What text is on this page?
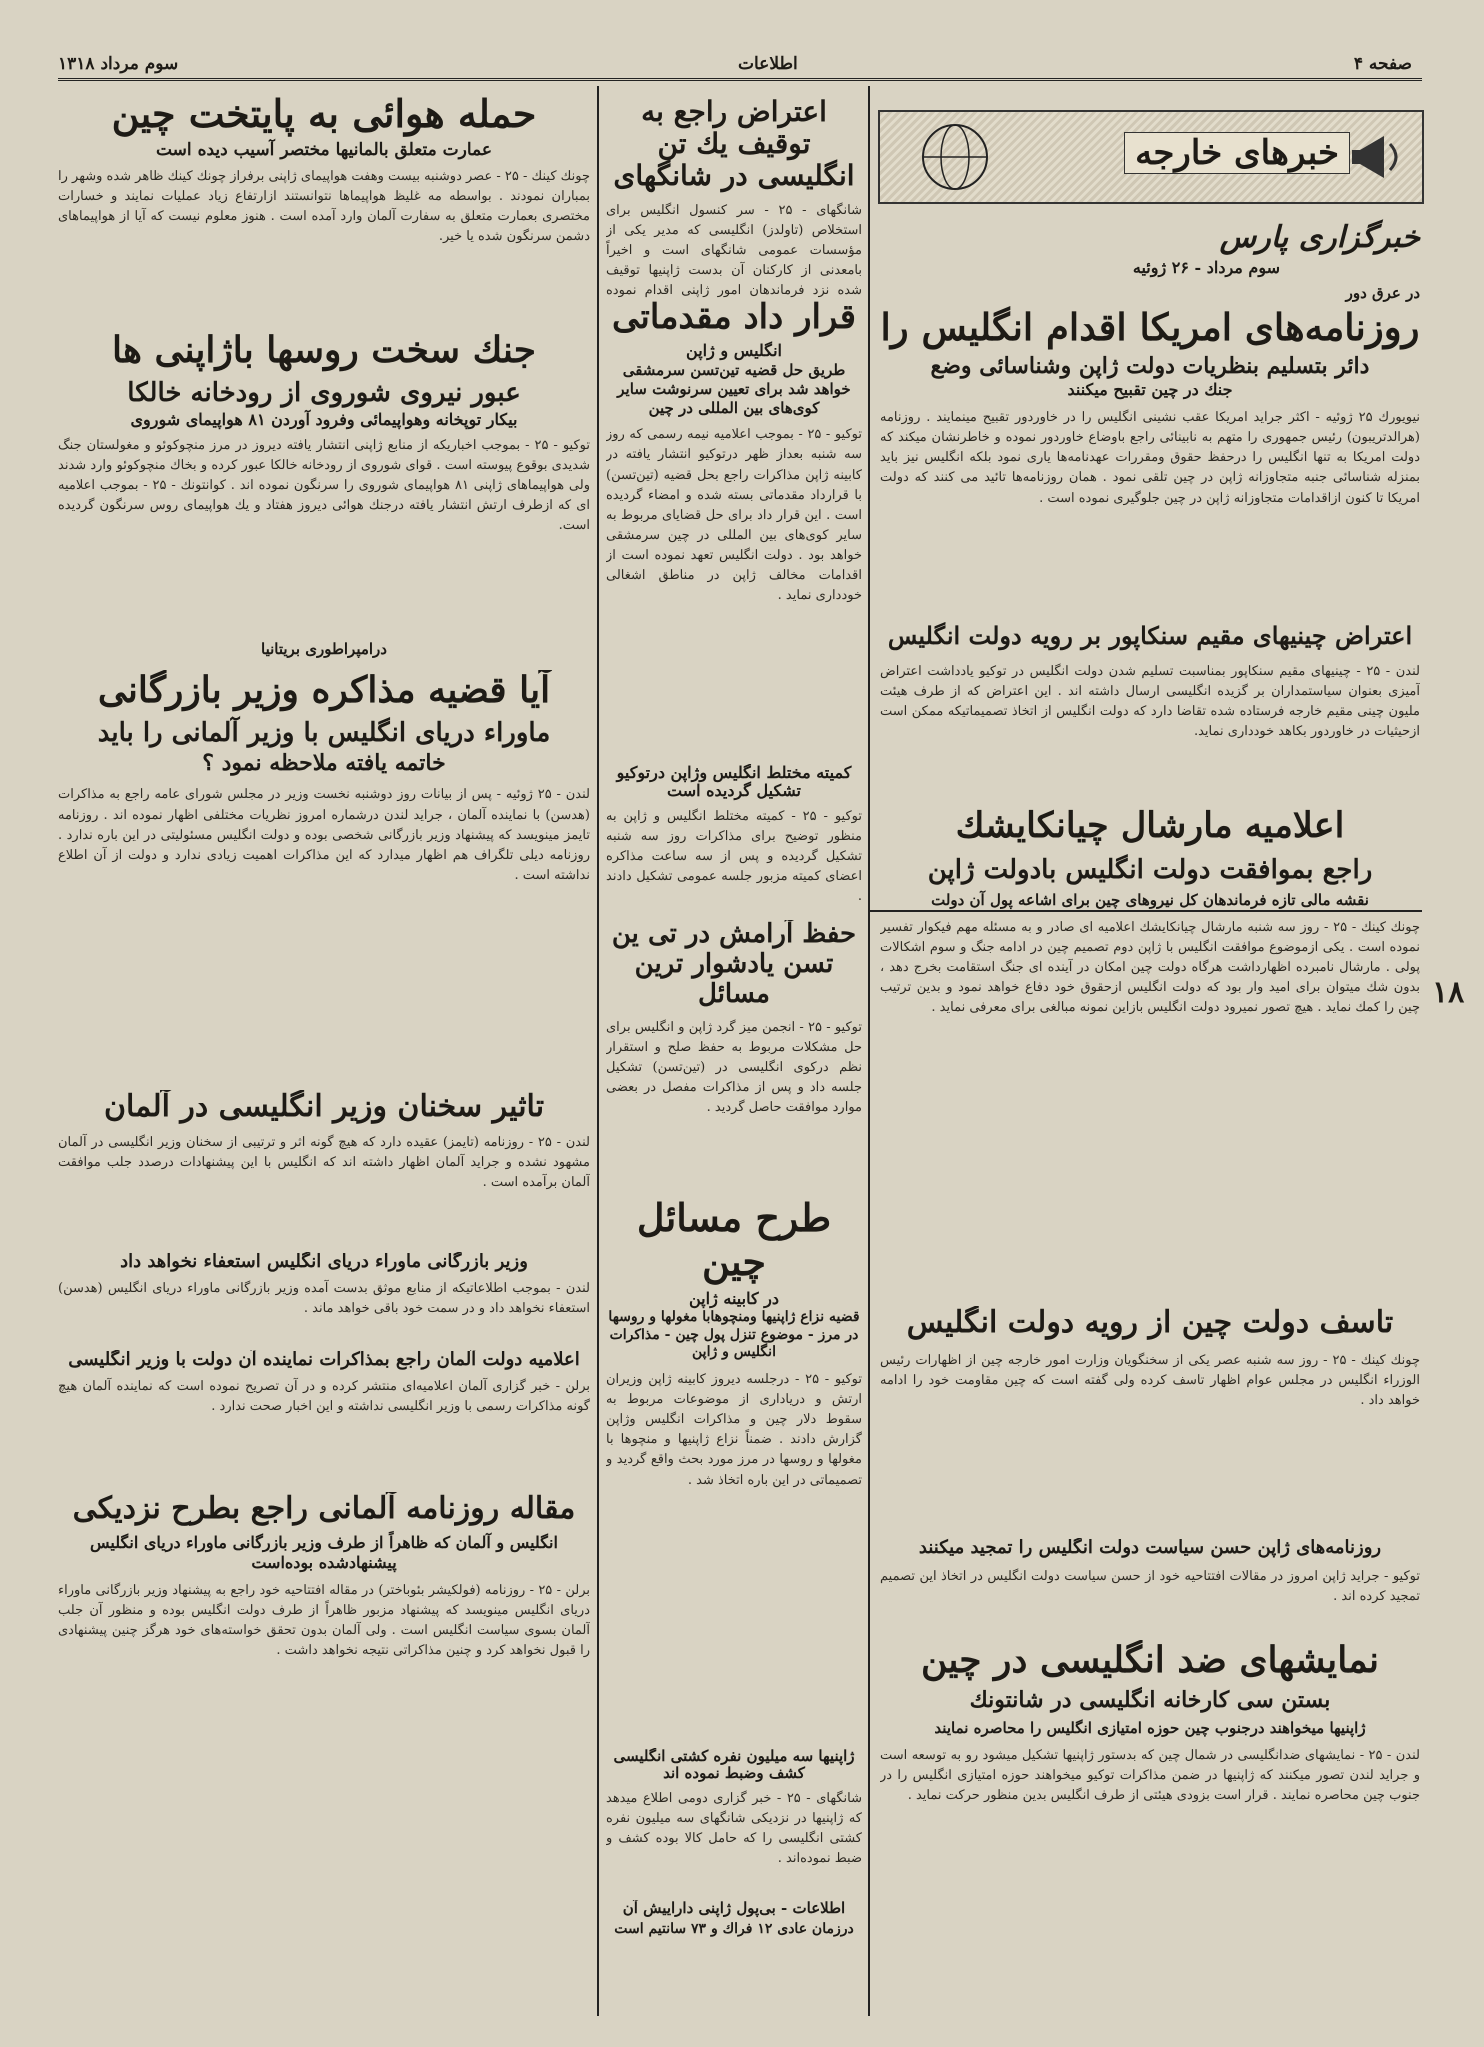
صفحه ۴
اطلاعات
سوم مرداد ۱۳۱۸
خبرهای خارجه
خبرگزاری پارس
سوم مرداد - ۲۶ ژوئیه
در عرق دور
روزنامه‌های امریکا اقدام انگلیس را
دائر بتسلیم بنظریات دولت ژاپن وشناسائی وضع
جنك در چین تقبیح میکنند
نیویورك ۲۵ ژوئیه - اکثر جراید امریکا عقب نشینی انگلیس را در خاوردور تقبیح مینمایند . روزنامه (هرالدتریبون) رئیس جمهوری را متهم به نابینائی راجع باوضاع خاوردور نموده و خاطرنشان میکند که دولت امریکا به تنها انگلیس را درحفظ حقوق ومقررات عهدنامه‌ها یاری نمود بلکه انگلیس نیز باید بمنزله شناسائی جنبه متجاوزانه ژاپن در چین تلقی نمود . همان روزنامه‌ها تائید می کنند که دولت امریکا تا کنون ازاقدامات متجاوزانه ژاپن در چین جلوگیری نموده است .
اعتراض چینیهای مقیم سنکاپور بر رویه دولت انگلیس
لندن - ۲۵ - چینیهای مقیم سنکاپور بمناسبت تسلیم شدن دولت انگلیس در توکیو یادداشت اعتراض آمیزی بعنوان سیاستمداران بر گزیده انگلیسی ارسال داشته اند . این اعتراض که از طرف هیئت ملیون چینی مقیم خارجه فرستاده شده تقاضا دارد که دولت انگلیس از اتخاذ تصمیماتیکه ممکن است ازحیثیات در خاوردور بکاهد خودداری نماید.
اعلامیه مارشال چیانکایشك
راجع بموافقت دولت انگلیس بادولت ژاپن
نقشه مالی تازه فرماندهان کل نیروهای چین برای اشاعه پول آن دولت
چونك كينك - ۲۵ - روز سه شنبه مارشال چیانکایشك اعلامیه ای صادر و به مسئله مهم فیکوار تفسیر نموده است . یکی ازموضوع موافقت انگلیس با ژاپن دوم تصمیم چین در ادامه جنگ و سوم اشکالات پولی . مارشال نامبرده اظهارداشت هرگاه دولت چین امکان در آینده ای جنگ استقامت بخرج دهد ، بدون شك میتوان برای امید وار بود که دولت انگلیس ازحقوق خود دفاع خواهد نمود و بدین ترتیب چین را کمك نماید . هیچ تصور نمیرود دولت انگلیس بازاین نمونه مبالغی برای معرفی نماید .
تاسف دولت چین از رویه دولت انگلیس
چونك كينك - ۲۵ - روز سه شنبه عصر یکی از سخنگویان وزارت امور خارجه چین از اظهارات رئیس الوزراء انگلیس در مجلس عوام اظهار تاسف کرده ولی گفته است که چین مقاومت خود را ادامه خواهد داد .
روزنامه‌های ژاپن حسن سیاست دولت انگلیس را تمجید میکنند
توکیو - جراید ژاپن امروز در مقالات افتتاحیه خود از حسن سیاست دولت انگلیس در اتخاذ این تصمیم تمجید کرده اند .
نمایشهای ضد انگلیسی در چین
بستن سی کارخانه انگلیسی در شانتونك
ژاپنیها میخواهند درجنوب چین حوزه امتیازی انگلیس را محاصره نمایند
لندن - ۲۵ - نمایشهای ضدانگلیسی در شمال چین که بدستور ژاپنیها تشکیل میشود رو به توسعه است و جراید لندن تصور میکنند که ژاپنیها در ضمن مذاکرات توکیو میخواهند حوزه امتیازی انگلیس را در جنوب چین محاصره نمایند . قرار است بزودی هیئتی از طرف انگلیس بدین منظور حرکت نماید .
۱۸
اعتراض راجع به توقیف یك تن انگلیسی در شانگهای
شانگهای - ۲۵ - سر کنسول انگلیس برای استخلاص (تاولدز) انگلیسی که مدیر یکی از مؤسسات عمومی شانگهای است و اخیراً بامعدنی از کارکنان آن بدست ژاپنیها توقیف شده نزد فرماندهان امور ژاپنی اقدام نموده
قرار داد مقدماتی
انگلیس و ژاپن
طریق حل قضیه تین‌تسن سرمشقی خواهد شد برای تعیین سرنوشت سایر کوی‌های بین المللی در چین
توکیو - ۲۵ - بموجب اعلامیه نیمه رسمی که روز سه شنبه بعداز ظهر درتوکیو انتشار یافته در کابینه ژاپن مذاکرات راجع بحل قضیه (تین‌تسن) با قرارداد مقدماتی بسته شده و امضاء گردیده است . این قرار داد برای حل قضایای مربوط به سایر کوی‌های بین المللی در چین سرمشقی خواهد بود . دولت انگلیس تعهد نموده است از اقدامات مخالف ژاپن در مناطق اشغالی خودداری نماید .
کمیته مختلط انگلیس وژاپن درتوکیو تشکیل گردیده است
توکیو - ۲۵ - کمیته مختلط انگلیس و ژاپن به منظور توضیح برای مذاکرات روز سه شنبه تشکیل گردیده و پس از سه ساعت مذاکره اعضای کمیته مزبور جلسه عمومی تشکیل دادند .
حفظ آرامش در تی ین تسن یادشوار ترین مسائل
توکیو - ۲۵ - انجمن میز گرد ژاپن و انگلیس برای حل مشکلات مربوط به حفظ صلح و استقرار نظم درکوی انگلیسی در (تین‌تسن) تشکیل جلسه داد و پس از مذاکرات مفصل در بعضی موارد موافقت حاصل گردید .
طرح مسائل چین
در کابینه ژاپن
قضیه نزاع ژاپنیها ومنچوهابا مغولها و روسها در مرز - موضوع تنزل پول چین - مذاکرات انگلیس و ژاپن
توکیو - ۲۵ - درجلسه دیروز کابینه ژاپن وزیران ارتش و دریاداری از موضوعات مربوط به سقوط دلار چین و مذاکرات انگلیس وژاپن گزارش دادند . ضمناً نزاع ژاپنیها و منچوها با مغولها و روسها در مرز مورد بحث واقع گردید و تصمیماتی در این باره اتخاذ شد .
ژاپنیها سه میلیون نفره کشتی انگلیسی کشف وضبط نموده اند
شانگهای - ۲۵ - خبر گزاری دومی اطلاع میدهد که ژاپنیها در نزدیکی شانگهای سه میلیون نفره کشتی انگلیسی را که حامل کالا بوده کشف و ضبط نموده‌اند .
اطلاعات - بی‌پول ژاپنی داراییش آن
درزمان عادی ۱۲ فراك و ۷۳ سانتیم است
حمله هوائی به پایتخت چین
عمارت متعلق بالمانیها مختصر آسیب دیده است
چونك كينك - ۲۵ - عصر دوشنبه بیست وهفت هواپیمای ژاپنی برفراز چونك كينك ظاهر شده وشهر را بمباران نمودند . بواسطه مه غلیظ هواپیماها نتوانستند ازارتفاع زیاد عملیات نمایند و خسارات مختصری بعمارت متعلق به سفارت آلمان وارد آمده است . هنوز معلوم نیست که آیا از هواپیماهای دشمن سرنگون شده یا خیر.
جنك سخت روسها باژاپنی ها
عبور نیروی شوروی از رودخانه خالکا
بیکار توپخانه وهواپیمائی وفرود آوردن ۸۱ هواپیمای شوروی
توکیو - ۲۵ - بموجب اخباریکه از منابع ژاپنی انتشار یافته دیروز در مرز منچوکوئو و مغولستان جنگ شدیدی بوقوع پیوسته است . قوای شوروی از رودخانه خالکا عبور کرده و بخاك منچوکوئو وارد شدند ولی هواپیماهای ژاپنی ۸۱ هواپیمای شوروی را سرنگون نموده اند . کوانتونك - ۲۵ - بموجب اعلامیه ای که ازطرف ارتش انتشار یافته درجنك هوائی دیروز هفتاد و یك هواپیمای روس سرنگون گردیده است.
درامپراطوری بریتانیا
آیا قضیه مذاکره وزیر بازرگانی
ماوراء دریای انگلیس با وزیر آلمانی را باید
خاتمه یافته ملاحظه نمود ؟
لندن - ۲۵ ژوئیه - پس از بیانات روز دوشنبه نخست وزیر در مجلس شورای عامه راجع به مذاکرات (هدسن) با نماینده آلمان ، جراید لندن درشماره امروز نظریات مختلفی اظهار نموده اند . روزنامه تایمز مینویسد که پیشنهاد وزیر بازرگانی شخصی بوده و دولت انگلیس مسئولیتی در این باره ندارد . روزنامه دیلی تلگراف هم اظهار میدارد که این مذاکرات اهمیت زیادی ندارد و دولت از آن اطلاع نداشته است .
تاثیر سخنان وزیر انگلیسی در آلمان
لندن - ۲۵ - روزنامه (تایمز) عقیده دارد که هیچ گونه اثر و ترتیبی از سخنان وزیر انگلیسی در آلمان مشهود نشده و جراید آلمان اظهار داشته اند که انگلیس با این پیشنهادات درصدد جلب موافقت آلمان برآمده است .
وزیر بازرگانی ماوراء دریای انگلیس استعفاء نخواهد داد
لندن - بموجب اطلاعاتیکه از منابع موثق بدست آمده وزیر بازرگانی ماوراء دریای انگلیس (هدسن) استعفاء نخواهد داد و در سمت خود باقی خواهد ماند .
اعلامیه دولت آلمان راجع بمذاکرات نماینده آن دولت با وزیر انگلیسی
برلن - خبر گزاری آلمان اعلامیه‌ای منتشر کرده و در آن تصریح نموده است که نماینده آلمان هیچ گونه مذاکرات رسمی با وزیر انگلیسی نداشته و این اخبار صحت ندارد .
مقاله روزنامه آلمانی راجع بطرح نزدیکی
انگلیس و آلمان که ظاهراً از طرف وزیر بازرگانی ماوراء دریای انگلیس پیشنهادشده بوده‌است
برلن - ۲۵ - روزنامه (فولکیشر بئوباختر) در مقاله افتتاحیه خود راجع به پیشنهاد وزیر بازرگانی ماوراء دریای انگلیس مینویسد که پیشنهاد مزبور ظاهراً از طرف دولت انگلیس بوده و منظور آن جلب آلمان بسوی سیاست انگلیس است . ولی آلمان بدون تحقق خواسته‌های خود هرگز چنین پیشنهادی را قبول نخواهد کرد و چنین مذاکراتی نتیجه نخواهد داشت .
